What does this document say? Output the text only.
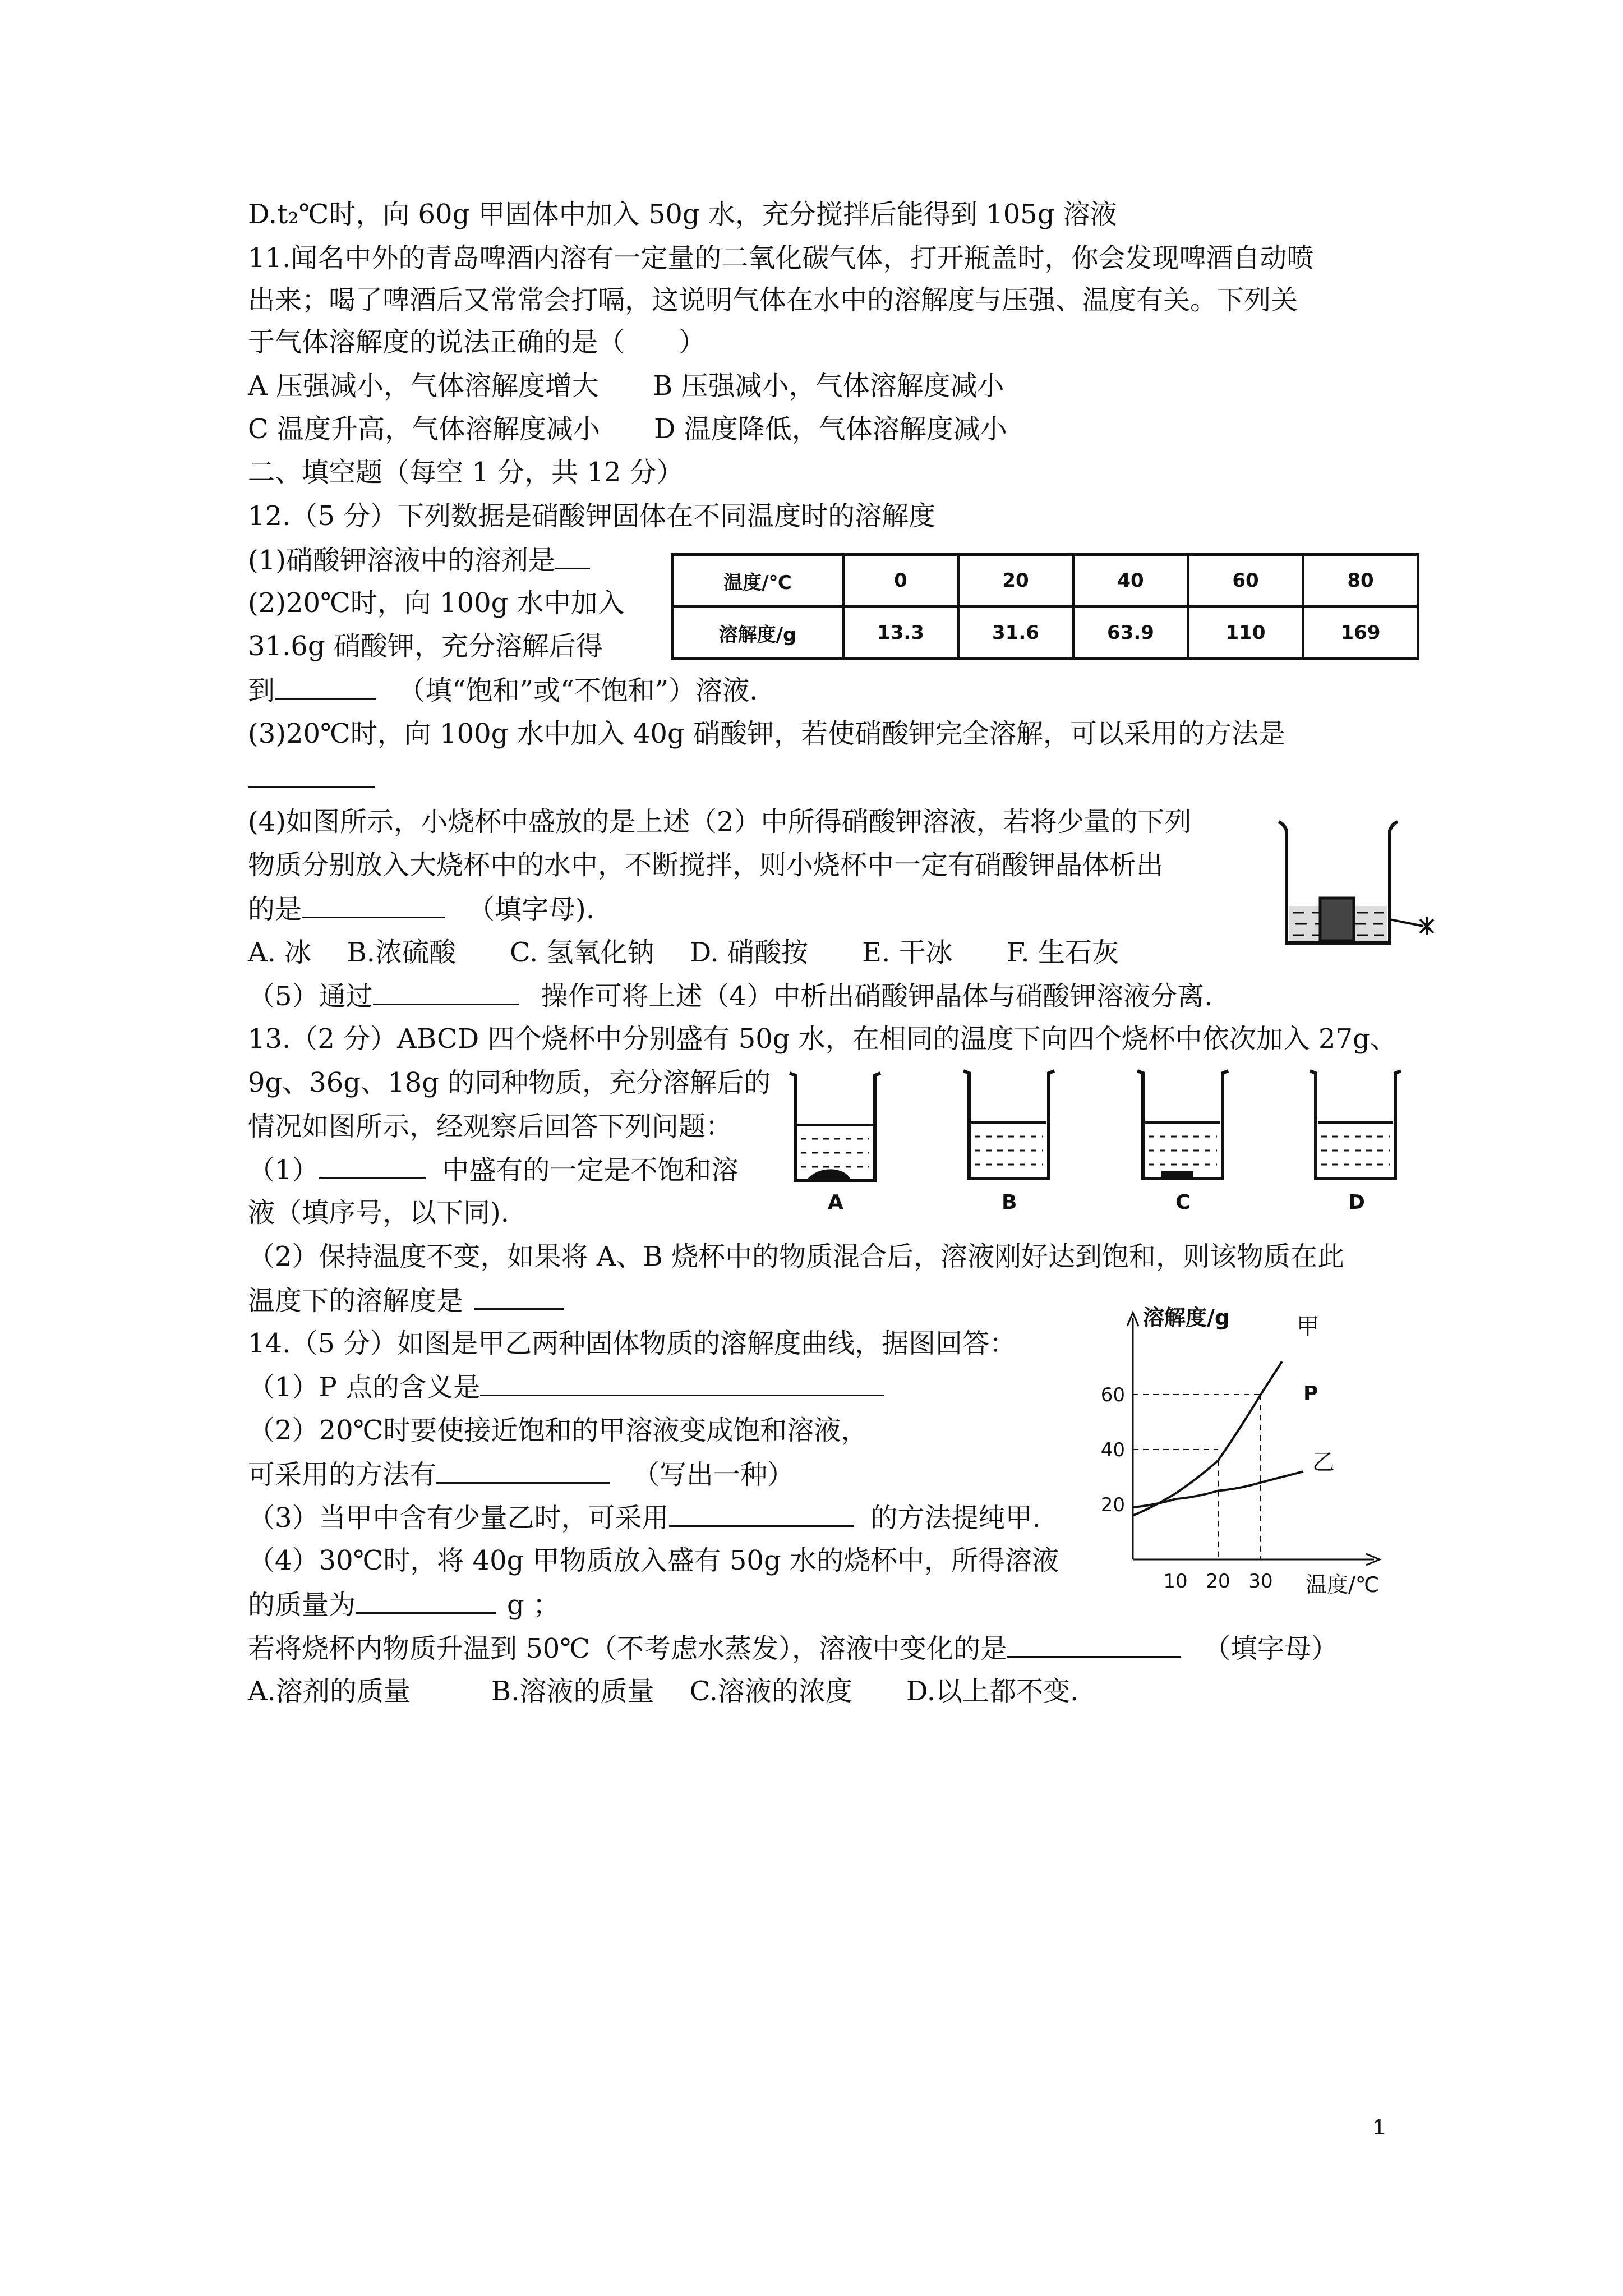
D.t₂℃时，向 60g 甲固体中加入 50g 水，充分搅拌后能得到 105g 溶液
11.闻名中外的青岛啤酒内溶有一定量的二氧化碳气体，打开瓶盖时，你会发现啤酒自动喷
出来；喝了啤酒后又常常会打嗝，这说明气体在水中的溶解度与压强、温度有关。下列关
于气体溶解度的说法正确的是（　　）
A 压强减小，气体溶解度增大　　B 压强减小，气体溶解度减小
C 温度升高，气体溶解度减小　　D 温度降低，气体溶解度减小
二、填空题（每空 1 分，共 12 分）
12.（5 分）下列数据是硝酸钾固体在不同温度时的溶解度
(1)硝酸钾溶液中的溶剂是
(2)20℃时，向 100g 水中加入
31.6g 硝酸钾，充分溶解后得
到	（填“饱和”或“不饱和”）溶液.
(3)20℃时，向 100g 水中加入 40g 硝酸钾，若使硝酸钾完全溶解，可以采用的方法是
(4)如图所示，小烧杯中盛放的是上述（2）中所得硝酸钾溶液，若将少量的下列
物质分别放入大烧杯中的水中，不断搅拌，则小烧杯中一定有硝酸钾晶体析出
的是	（填字母).
A. 冰　 B.浓硫酸　　C. 氢氧化钠　 D. 硝酸按　　E. 干冰　　F. 生石灰
（5）通过	操作可将上述（4）中析出硝酸钾晶体与硝酸钾溶液分离.
13.（2 分）ABCD 四个烧杯中分别盛有 50g 水，在相同的温度下向四个烧杯中依次加入 27g、
9g、36g、18g 的同种物质，充分溶解后的
情况如图所示，经观察后回答下列问题：
（1）	中盛有的一定是不饱和溶
液（填序号，以下同).
（2）保持温度不变，如果将 A、B 烧杯中的物质混合后，溶液刚好达到饱和，则该物质在此
温度下的溶解度是
14.（5 分）如图是甲乙两种固体物质的溶解度曲线，据图回答：
（1）P 点的含义是
（2）20℃时要使接近饱和的甲溶液变成饱和溶液，
可采用的方法有	（写出一种）
（3）当甲中含有少量乙时，可采用	的方法提纯甲.
（4）30℃时，将 40g 甲物质放入盛有 50g 水的烧杯中，所得溶液
的质量为	g ；
若将烧杯内物质升温到 50℃（不考虑水蒸发），溶液中变化的是	（填字母）
A.溶剂的质量　　　B.溶液的质量　 C.溶液的浓度　　D.以上都不变.
温度/℃	0	20	40	60	80
溶解度/g	13.3	31.6	63.9	110	169
A	B	C	D
溶解度/g
温度/℃
20
40
60
10 20 30
甲
P
乙
1
